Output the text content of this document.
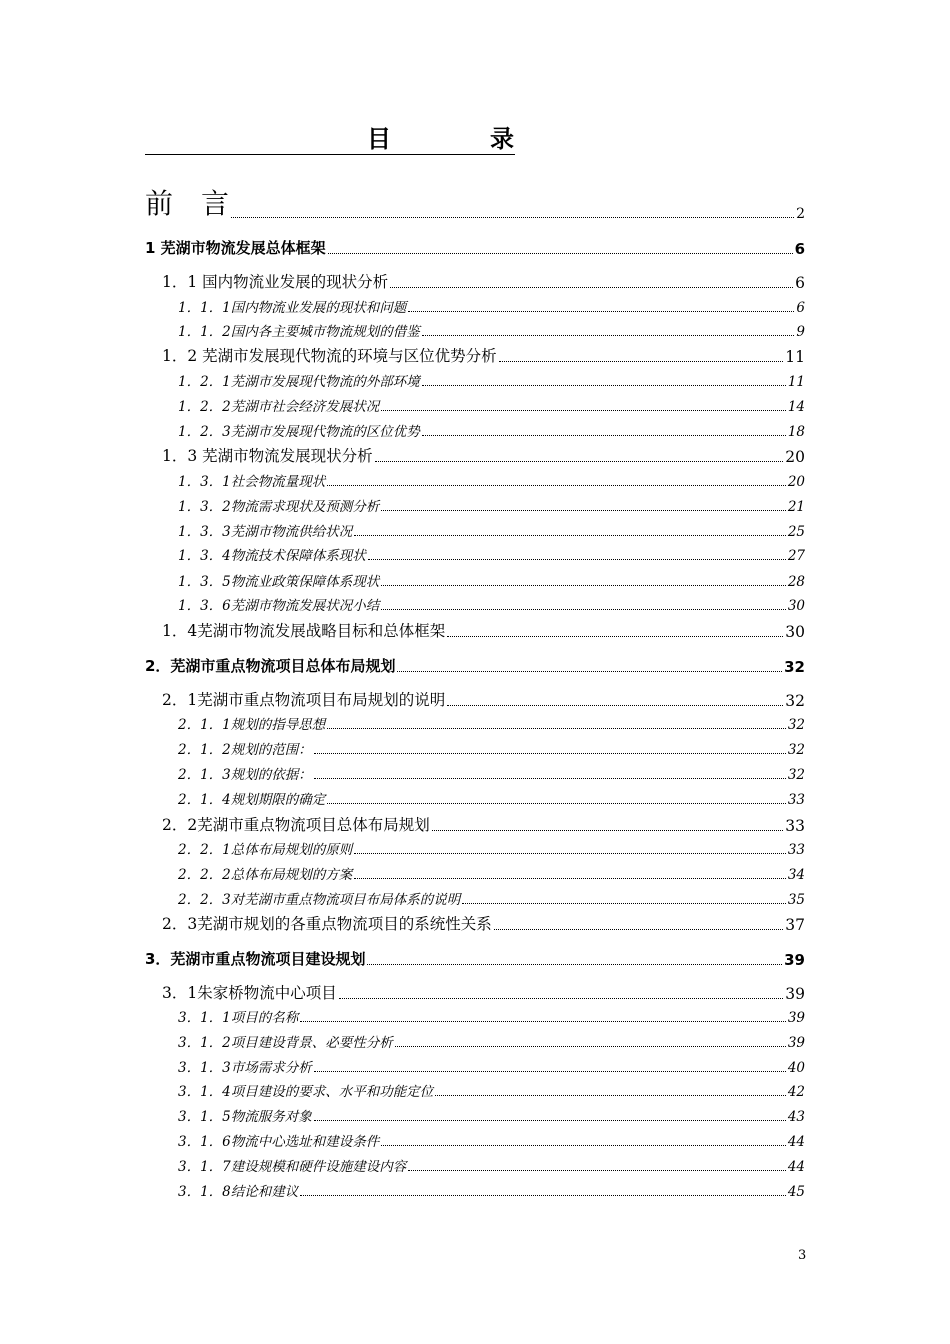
目	录
前　言	2
1 芜湖市物流发展总体框架	6
1．1 国内物流业发展的现状分析	6
1．1．1国内物流业发展的现状和问题	6
1．1．2国内各主要城市物流规划的借鉴	9
1．2 芜湖市发展现代物流的环境与区位优势分析	11
1．2．1芜湖市发展现代物流的外部环境	11
1．2．2芜湖市社会经济发展状况	14
1．2．3芜湖市发展现代物流的区位优势	18
1．3 芜湖市物流发展现状分析	20
1．3．1社会物流量现状	20
1．3．2物流需求现状及预测分析	21
1．3．3芜湖市物流供给状况	25
1．3．4物流技术保障体系现状	27
1．3．5物流业政策保障体系现状	28
1．3．6芜湖市物流发展状况小结	30
1．4芜湖市物流发展战略目标和总体框架	30
2．芜湖市重点物流项目总体布局规划	32
2．1芜湖市重点物流项目布局规划的说明	32
2．1．1规划的指导思想	32
2．1．2规划的范围：	32
2．1．3规划的依据：	32
2．1．4规划期限的确定	33
2．2芜湖市重点物流项目总体布局规划	33
2．2．1总体布局规划的原则	33
2．2．2总体布局规划的方案	34
2．2．3对芜湖市重点物流项目布局体系的说明	35
2．3芜湖市规划的各重点物流项目的系统性关系	37
3．芜湖市重点物流项目建设规划	39
3．1朱家桥物流中心项目	39
3．1．1项目的名称	39
3．1．2项目建设背景、必要性分析	39
3．1．3市场需求分析	40
3．1．4项目建设的要求、水平和功能定位	42
3．1．5物流服务对象	43
3．1．6物流中心选址和建设条件	44
3．1．7建设规模和硬件设施建设内容	44
3．1．8结论和建议	45
3
